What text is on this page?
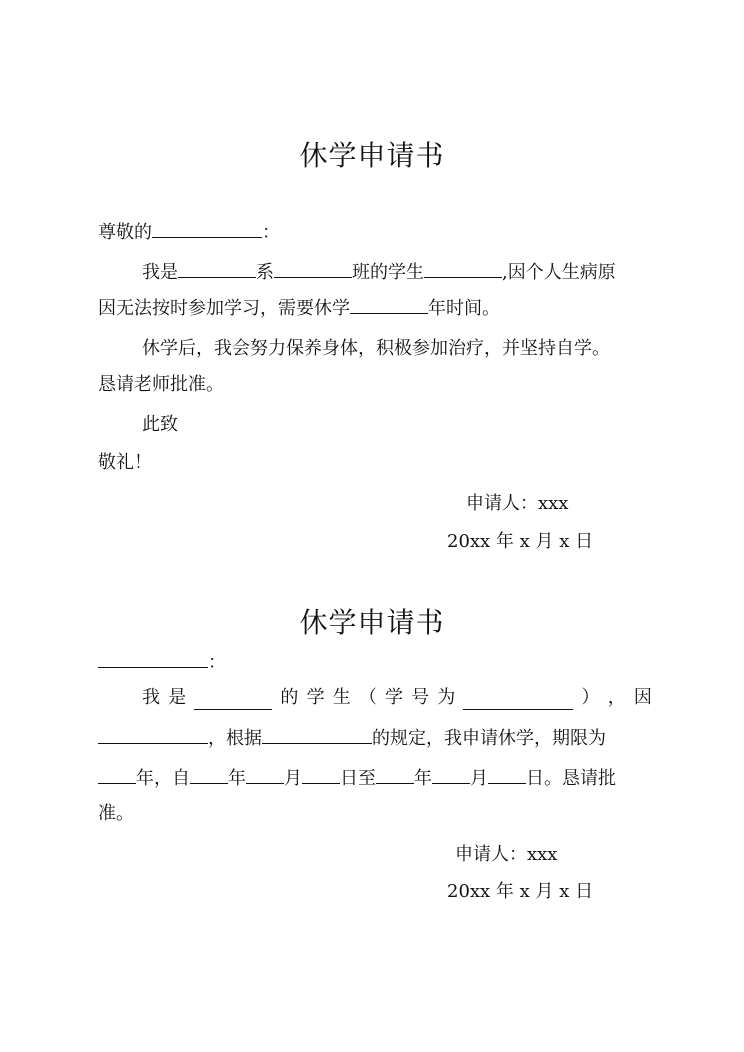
休学申请书
尊敬的	：
我是	系	班的学生	,因个人生病原
因无法按时参加学习，需要休学	年时间。
休学后，我会努力保养身体，积极参加治疗，并坚持自学。
恳请老师批准。
此致
敬礼！
申请人：xxx
20xx 年 x 月 x 日
休学申请书
：
我 是	的 学 生 （ 学 号 为	） ， 因
，根据	的规定，我申请休学，期限为
年，自 年 月 日至 年 月 日。恳请批
准。
申请人：xxx
20xx 年 x 月 x 日
